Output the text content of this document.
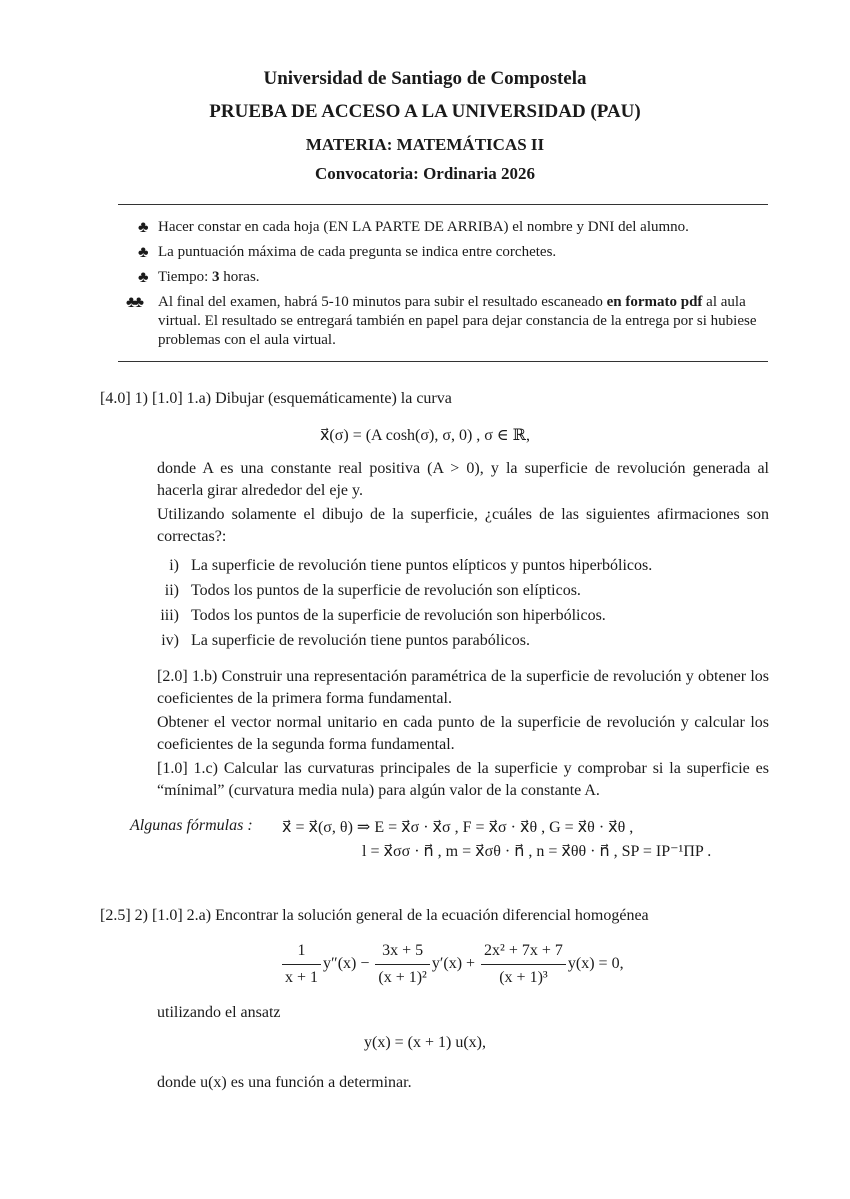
Universidad de Santiago de Compostela
PRUEBA DE ACCESO A LA UNIVERSIDAD (PAU)
MATERIA: MATEMÁTICAS II
Convocatoria: Ordinaria 2026
♣ Hacer constar en cada hoja (EN LA PARTE DE ARRIBA) el nombre y DNI del alumno.
♣ La puntuación máxima de cada pregunta se indica entre corchetes.
♣ Tiempo: 3 horas.
♣♣	Al final del examen, habrá 5-10 minutos para subir el resultado escaneado en formato pdf al aula virtual. El resultado se entregará también en papel para dejar constancia de la entrega por si hubiese problemas con el aula virtual.
[4.0] 1) [1.0] 1.a) Dibujar (esquemáticamente) la curva
x⃗(σ) = (A cosh(σ), σ, 0) , σ ∈ ℝ,
donde A es una constante real positiva (A > 0), y la superficie de revolución generada al hacerla girar alrededor del eje y.
Utilizando solamente el dibujo de la superficie, ¿cuáles de las siguientes afirmaciones son correctas?:
i) La superficie de revolución tiene puntos elípticos y puntos hiperbólicos.
ii) Todos los puntos de la superficie de revolución son elípticos.
iii) Todos los puntos de la superficie de revolución son hiperbólicos.
iv) La superficie de revolución tiene puntos parabólicos.
[2.0] 1.b) Construir una representación paramétrica de la superficie de revolución y obtener los coeficientes de la primera forma fundamental.
Obtener el vector normal unitario en cada punto de la superficie de revolución y calcular los coeficientes de la segunda forma fundamental.
[1.0] 1.c) Calcular las curvaturas principales de la superficie y comprobar si la superficie es “mínimal” (curvatura media nula) para algún valor de la constante A.
Algunas fórmulas : x⃗ = x⃗(σ, θ) ⇒ E = x⃗σ · x⃗σ , F = x⃗σ · x⃗θ , G = x⃗θ · x⃗θ ,
l = x⃗σσ · n⃗ , m = x⃗σθ · n⃗ , n = x⃗θθ · n⃗ , SP = IP⁻¹ΠP .
[2.5] 2) [1.0] 2.a) Encontrar la solución general de la ecuación diferencial homogénea
$\frac{1}{x + 1} y''(x) - \frac{3x + 5}{\text{(x + 1)²}} y'(x) + \frac{\text{2x² + 7x + 7}}{\text{(x + 1)³}} y(x) = 0$,
utilizando el ansatz
y(x) = (x + 1) u(x),
donde u(x) es una función a determinar.
